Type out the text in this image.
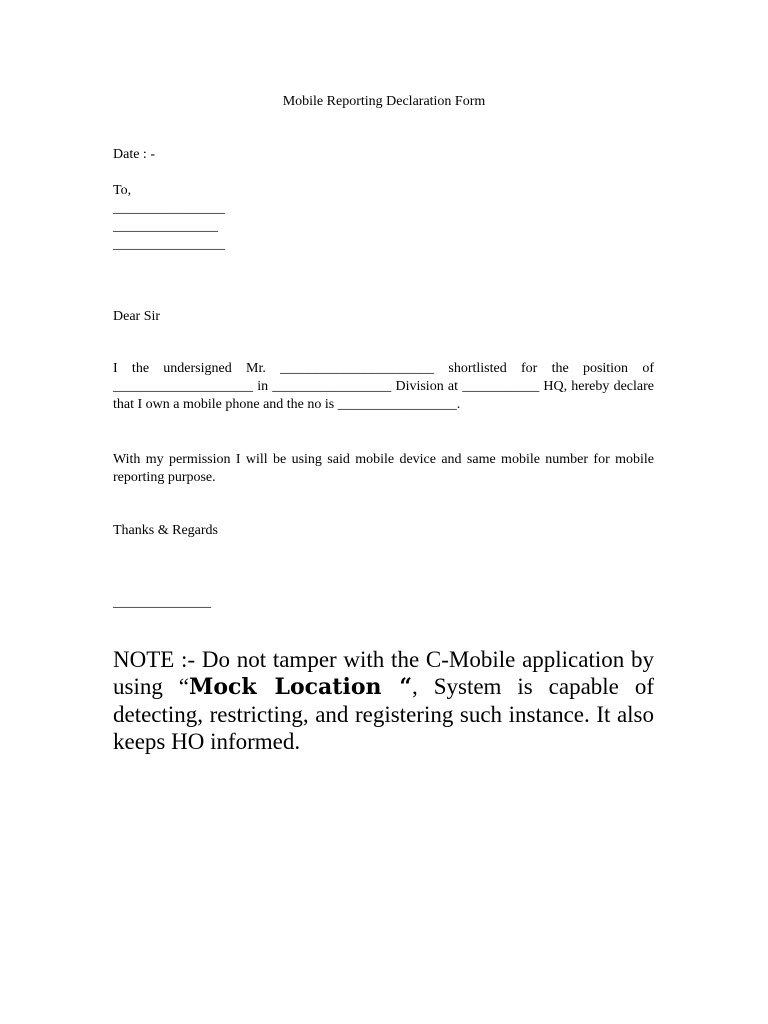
Mobile Reporting Declaration Form
Date : -
To,
________________
_______________
________________
Dear Sir
I the undersigned Mr. ______________________ shortlisted for the position of ____________________ in _________________ Division at ___________ HQ, hereby declare that I own a mobile phone and the no is _________________.
With my permission I will be using said mobile device and same mobile number for mobile reporting purpose.
Thanks & Regards
______________
NOTE :- Do not tamper with the C-Mobile application by using “Mock Location “, System is capable of detecting, restricting, and registering such instance. It also keeps HO informed.
